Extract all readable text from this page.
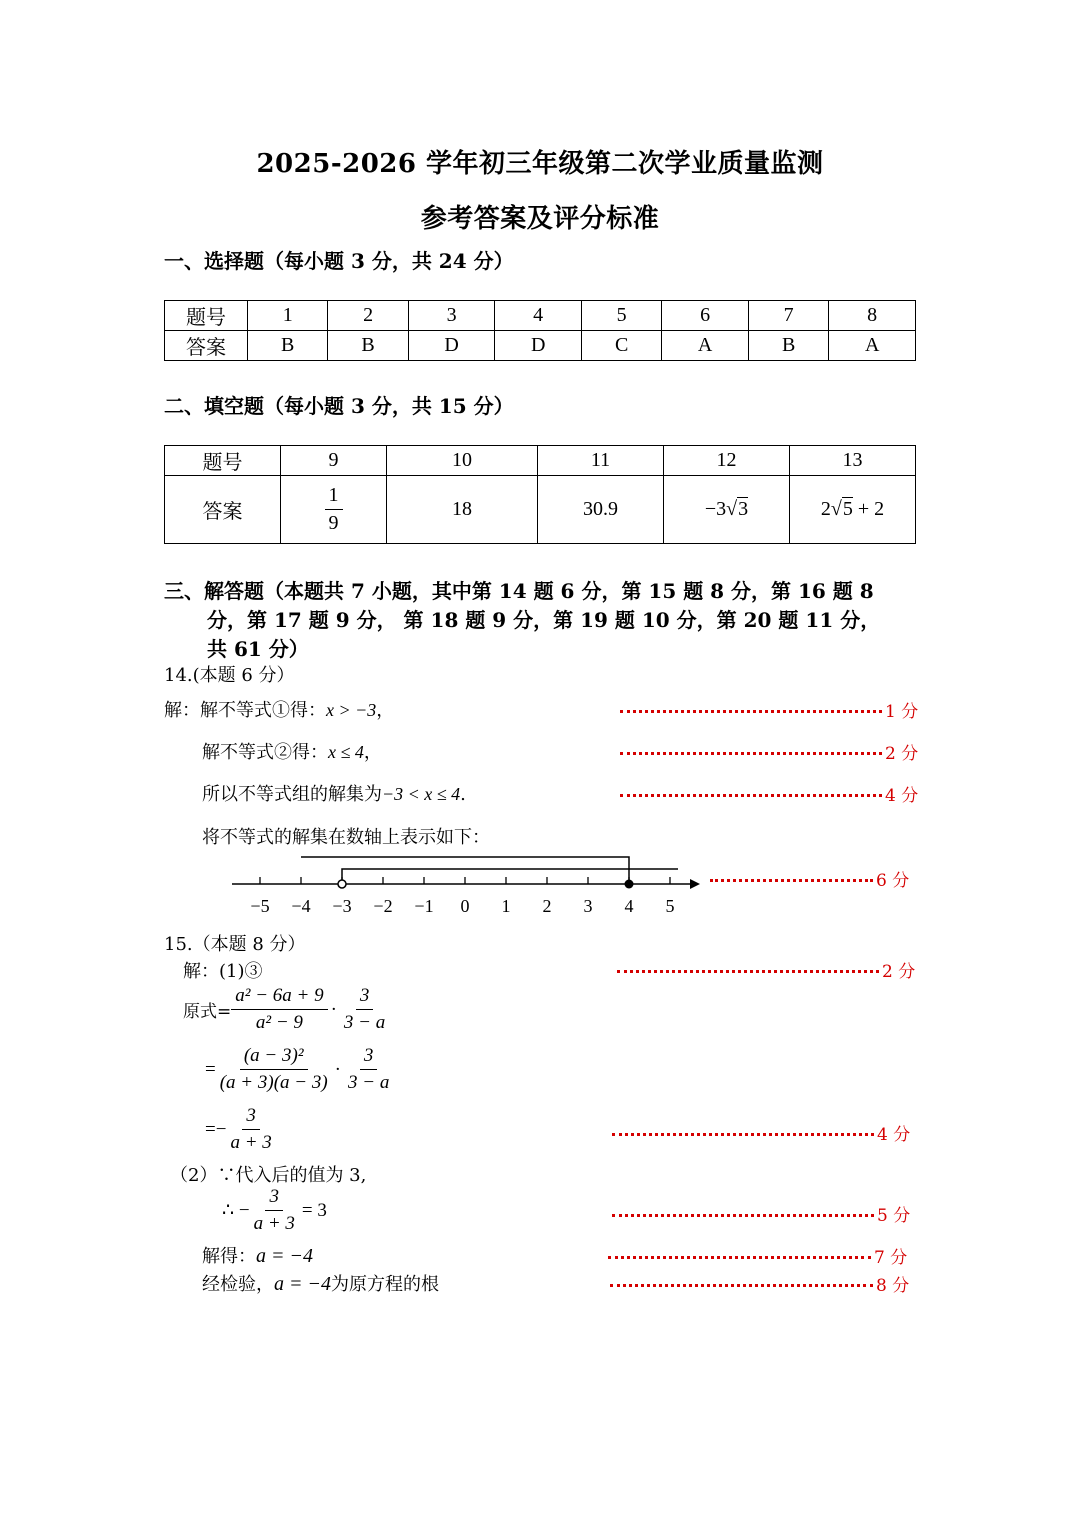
2025-2026 学年初三年级第二次学业质量监测
参考答案及评分标准
一、选择题（每小题 3 分，共 24 分）
题号	1	2	3	4	5	6	7	8
答案	B	B	D	D	C	A	B	A
二、填空题（每小题 3 分，共 15 分）
题号	9	10	11	12	13
答案	$\frac{1}{9}$	18	30.9	−3√3	2√5 + 2
三、解答题（本题共 7 小题，其中第 14 题 6 分，第 15 题 8 分，第 16 题 8
分，第 17 题 9 分， 第 18 题 9 分，第 19 题 10 分，第 20 题 11 分，
共 61 分）
14.(本题 6 分）
解：解不等式①得：x > −3，	1 分
解不等式②得：x ≤ 4，	2 分
所以不等式组的解集为−3 < x ≤ 4.	4 分
将不等式的解集在数轴上表示如下：
−5 −4 −3 −2 −1 0 1 2 3 4 5
6 分
15.（本题 8 分）
解：(1)③	2 分
原式= $\frac{\text{a² − 6a + 9}}{\text{a² − 9}} \cdot \frac{3}{3 - a}$
= $\frac{\text{(a − 3)²}}{(a + 3)(a - 3)} \cdot \frac{3}{3 - a}$
=− $\frac{3}{a + 3}$	4 分
（2）∵代入后的值为 3,
∴ − $\frac{3}{a + 3} = 3$	5 分
解得：a = −4	7 分
经检验，a = −4为原方程的根	8 分
